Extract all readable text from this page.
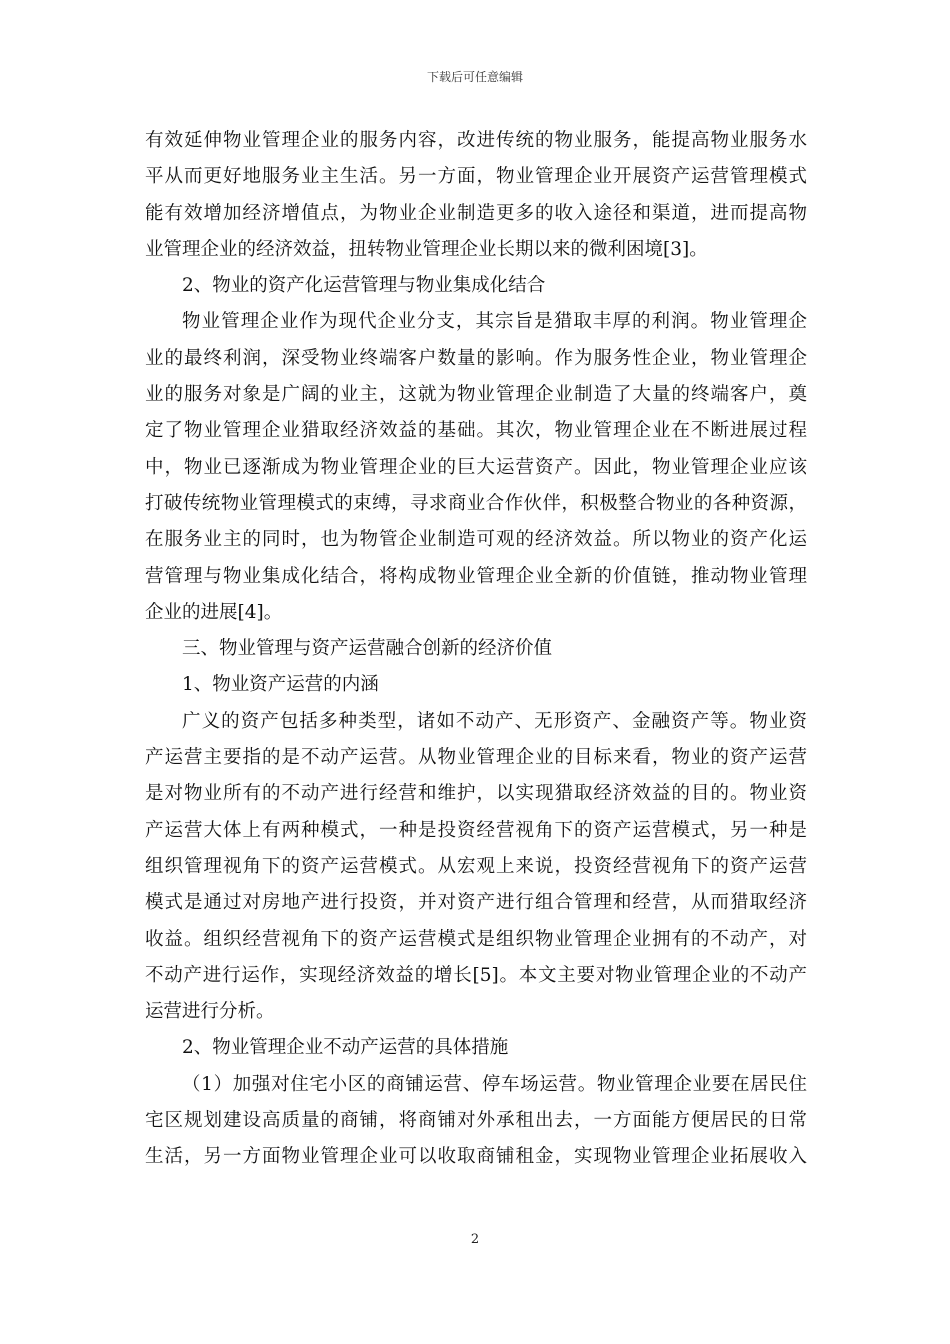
下载后可任意编辑
有效延伸物业管理企业的服务内容，改进传统的物业服务，能提高物业服务水
平从而更好地服务业主生活。另一方面，物业管理企业开展资产运营管理模式
能有效增加经济增值点，为物业企业制造更多的收入途径和渠道，进而提高物
业管理企业的经济效益，扭转物业管理企业长期以来的微利困境[3]。
2、物业的资产化运营管理与物业集成化结合
物业管理企业作为现代企业分支，其宗旨是猎取丰厚的利润。物业管理企
业的最终利润，深受物业终端客户数量的影响。作为服务性企业，物业管理企
业的服务对象是广阔的业主，这就为物业管理企业制造了大量的终端客户，奠
定了物业管理企业猎取经济效益的基础。其次，物业管理企业在不断进展过程
中，物业已逐渐成为物业管理企业的巨大运营资产。因此，物业管理企业应该
打破传统物业管理模式的束缚，寻求商业合作伙伴，积极整合物业的各种资源，
在服务业主的同时，也为物管企业制造可观的经济效益。所以物业的资产化运
营管理与物业集成化结合，将构成物业管理企业全新的价值链，推动物业管理
企业的进展[4]。
三、物业管理与资产运营融合创新的经济价值
1、物业资产运营的内涵
广义的资产包括多种类型，诸如不动产、无形资产、金融资产等。物业资
产运营主要指的是不动产运营。从物业管理企业的目标来看，物业的资产运营
是对物业所有的不动产进行经营和维护，以实现猎取经济效益的目的。物业资
产运营大体上有两种模式，一种是投资经营视角下的资产运营模式，另一种是
组织管理视角下的资产运营模式。从宏观上来说，投资经营视角下的资产运营
模式是通过对房地产进行投资，并对资产进行组合管理和经营，从而猎取经济
收益。组织经营视角下的资产运营模式是组织物业管理企业拥有的不动产，对
不动产进行运作，实现经济效益的增长[5]。本文主要对物业管理企业的不动产
运营进行分析。
2、物业管理企业不动产运营的具体措施
（1）加强对住宅小区的商铺运营、停车场运营。物业管理企业要在居民住
宅区规划建设高质量的商铺，将商铺对外承租出去，一方面能方便居民的日常
生活，另一方面物业管理企业可以收取商铺租金，实现物业管理企业拓展收入
2
